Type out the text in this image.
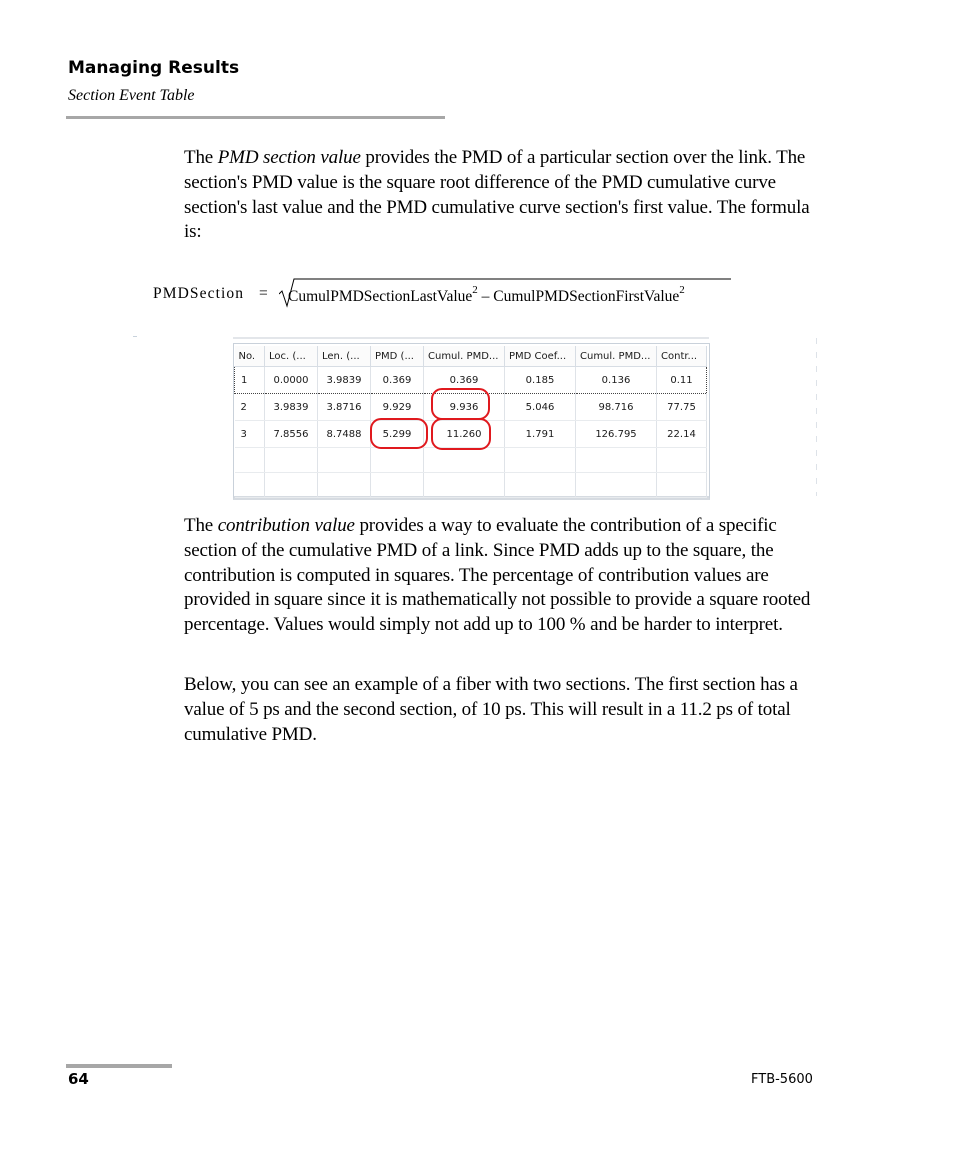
Managing Results
Section Event Table
The PMD section value provides the PMD of a particular section over the link. The section's PMD value is the square root difference of the PMD cumulative curve section's last value and the PMD cumulative curve section's first value. The formula is:
PMDSection = CumulPMDSectionLastValue$^2$ – CumulPMDSectionFirstValue$^2$
No.	Loc. (...	Len. (...	PMD (...	Cumul. PMD...	PMD Coef...	Cumul. PMD...	Contr...
1	0.0000	3.9839	0.369	0.369	0.185	0.136	0.11
2	3.9839	3.8716	9.929	9.936	5.046	98.716	77.75
3	7.8556	8.7488	5.299	11.260	1.791	126.795	22.14

The contribution value provides a way to evaluate the contribution of a specific section of the cumulative PMD of a link. Since PMD adds up to the square, the contribution is computed in squares. The percentage of contribution values are provided in square since it is mathematically not possible to provide a square rooted percentage. Values would simply not add up to 100 % and be harder to interpret.
Below, you can see an example of a fiber with two sections. The first section has a value of 5 ps and the second section, of 10 ps. This will result in a 11.2 ps of total cumulative PMD.
64	FTB-5600
